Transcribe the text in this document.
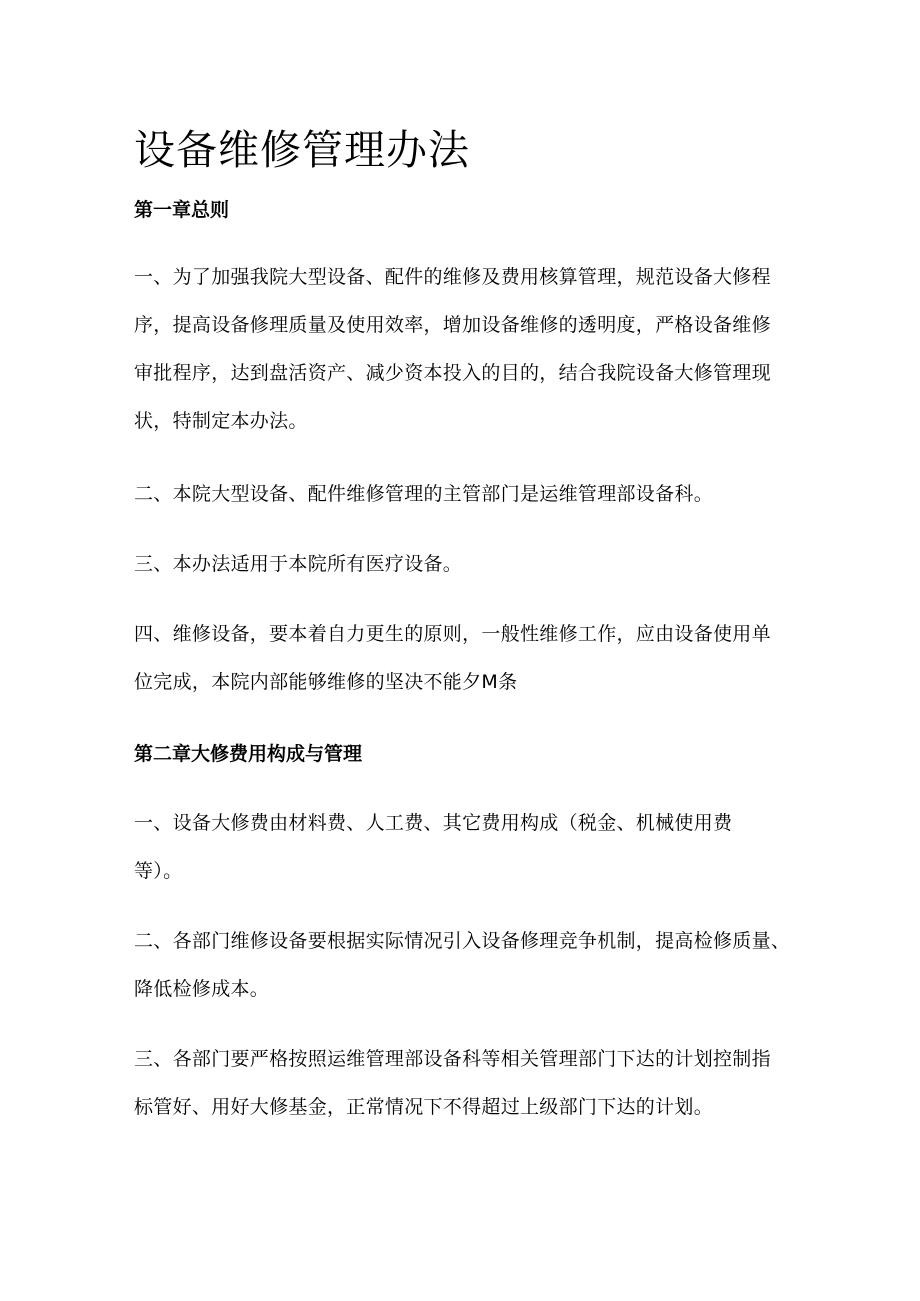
设备维修管理办法
第一章总则

一、为了加强我院大型设备、配件的维修及费用核算管理，规范设备大修程
序，提高设备修理质量及使用效率，增加设备维修的透明度，严格设备维修
审批程序，达到盘活资产、减少资本投入的目的，结合我院设备大修管理现
状，特制定本办法。

二、本院大型设备、配件维修管理的主管部门是运维管理部设备科。

三、本办法适用于本院所有医疗设备。

四、维修设备，要本着自力更生的原则，一般性维修工作，应由设备使用单
位完成，本院内部能够维修的坚决不能夕M条

第二章大修费用构成与管理

一、设备大修费由材料费、人工费、其它费用构成（税金、机械使用费
等）。

二、各部门维修设备要根据实际情况引入设备修理竞争机制，提高检修质量、
降低检修成本。

三、各部门要严格按照运维管理部设备科等相关管理部门下达的计划控制指
标管好、用好大修基金，正常情况下不得超过上级部门下达的计划。
